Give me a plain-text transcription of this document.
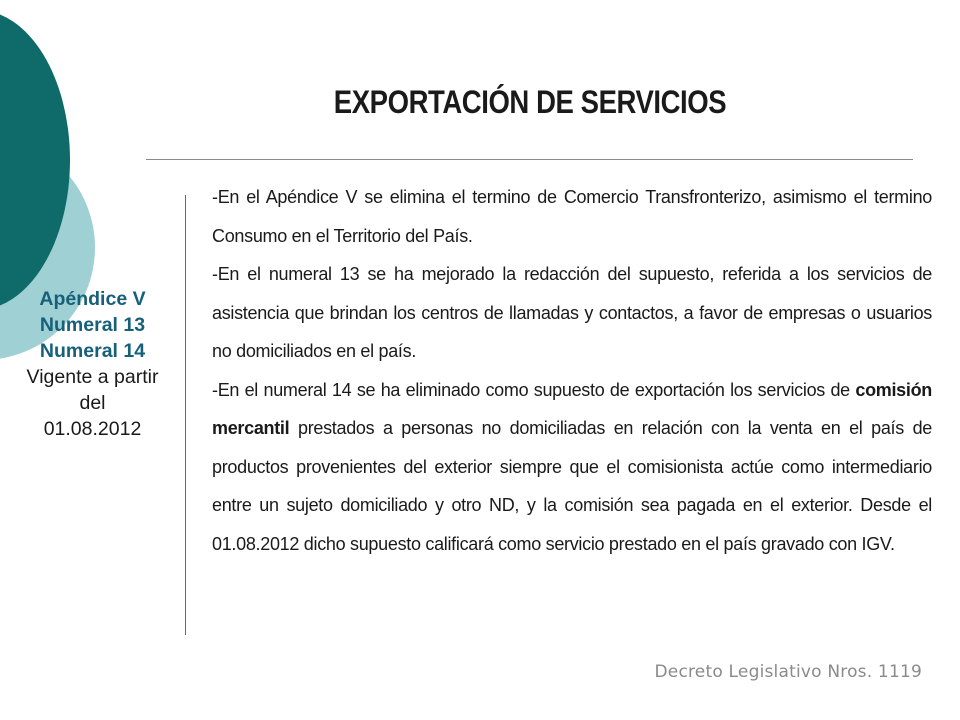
EXPORTACIÓN DE SERVICIOS
Apéndice V
Numeral 13
Numeral 14
Vigente a partir
del
01.08.2012

-En el Apéndice V se elimina el termino de Comercio Transfronterizo, asimismo el termino Consumo en el Territorio del País.

-En el numeral 13 se ha mejorado la redacción del supuesto, referida a los servicios de asistencia que brindan los centros de llamadas y contactos, a favor de empresas o usuarios no domiciliados en el país.

-En el numeral 14 se ha eliminado como supuesto de exportación los servicios de comisión mercantil prestados a personas no domiciliadas en relación con la venta en el país de productos provenientes del exterior siempre que el comisionista actúe como intermediario entre un sujeto domiciliado y otro ND, y la comisión sea pagada en el exterior. Desde el 01.08.2012 dicho supuesto calificará como servicio prestado en el país gravado con IGV.

Decreto Legislativo Nros. 1119
